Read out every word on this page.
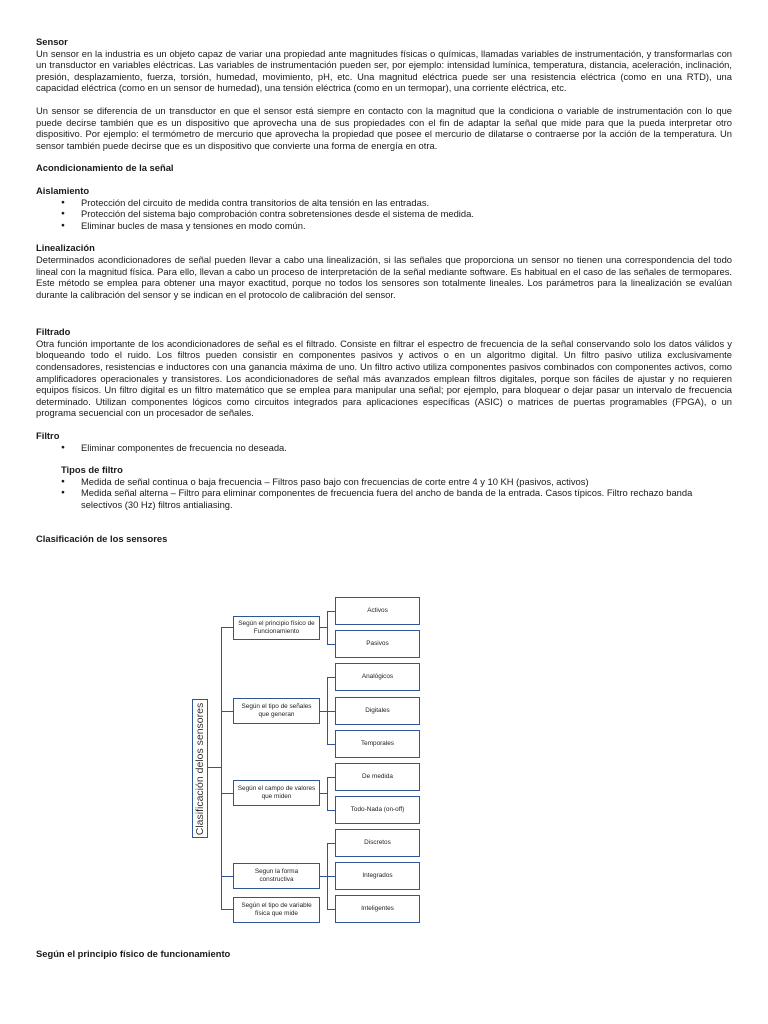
Sensor

Un sensor en la industria es un objeto capaz de variar una propiedad ante magnitudes físicas o químicas, llamadas variables de instrumentación, y transformarlas con un transductor en variables eléctricas. Las variables de instrumentación pueden ser, por ejemplo: intensidad lumínica, temperatura, distancia, aceleración, inclinación, presión, desplazamiento, fuerza, torsión, humedad, movimiento, pH, etc. Una magnitud eléctrica puede ser una resistencia eléctrica (como en una RTD), una capacidad eléctrica (como en un sensor de humedad), una tensión eléctrica (como en un termopar), una corriente eléctrica, etc.

Un sensor se diferencia de un transductor en que el sensor está siempre en contacto con la magnitud que la condiciona o variable de instrumentación con lo que puede decirse también que es un dispositivo que aprovecha una de sus propiedades con el fin de adaptar la señal que mide para que la pueda interpretar otro dispositivo. Por ejemplo: el termómetro de mercurio que aprovecha la propiedad que posee el mercurio de dilatarse o contraerse por la acción de la temperatura. Un sensor también puede decirse que es un dispositivo que convierte una forma de energía en otra.

Acondicionamiento de la señal

Aislamiento

● Protección del circuito de medida contra transitorios de alta tensión en las entradas.
● Protección del sistema bajo comprobación contra sobretensiones desde el sistema de medida.
● Eliminar bucles de masa y tensiones en modo común.

Linealización

Determinados acondicionadores de señal pueden llevar a cabo una linealización, si las señales que proporciona un sensor no tienen una correspondencia del todo lineal con la magnitud física. Para ello, llevan a cabo un proceso de interpretación de la señal mediante software. Es habitual en el caso de las señales de termopares. Este método se emplea para obtener una mayor exactitud, porque no todos los sensores son totalmente lineales. Los parámetros para la linealización se evalúan durante la calibración del sensor y se indican en el protocolo de calibración del sensor.

Filtrado

Otra función importante de los acondicionadores de señal es el filtrado. Consiste en filtrar el espectro de frecuencia de la señal conservando solo los datos válidos y bloqueando todo el ruido. Los filtros pueden consistir en componentes pasivos y activos o en un algoritmo digital. Un filtro pasivo utiliza exclusivamente condensadores, resistencias e inductores con una ganancia máxima de uno. Un filtro activo utiliza componentes pasivos combinados con componentes activos, como amplificadores operacionales y transistores. Los acondicionadores de señal más avanzados emplean filtros digitales, porque son fáciles de ajustar y no requieren equipos físicos. Un filtro digital es un filtro matemático que se emplea para manipular una señal; por ejemplo, para bloquear o dejar pasar un intervalo de frecuencia determinado. Utilizan componentes lógicos como circuitos integrados para aplicaciones específicas (ASIC) o matrices de puertas programables (FPGA), o un programa secuencial con un procesador de señales.

Filtro

● Eliminar componentes de frecuencia no deseada.

Tipos de filtro

● Medida de señal continua o baja frecuencia – Filtros paso bajo con frecuencias de corte entre 4 y 10 KH (pasivos, activos)
● Medida señal alterna – Filtro para eliminar componentes de frecuencia fuera del ancho de banda de la entrada. Casos típicos. Filtro rechazo banda selectivos (30 Hz) filtros antialiasing.

Clasificación de los sensores

Clasificación delos sensores
Según el principio físico de Funcionamiento
Según el tipo de señales que generan
Según el campo de valores que miden
Segun la forma constructiva
Según el tipo de variable física que mide
Activos
Pasivos
Analógicos
Digitales
Temporales
De medida
Todo-Nada (on-off)
Discretos
Integrados
Inteligentes

Según el principio físico de funcionamiento
